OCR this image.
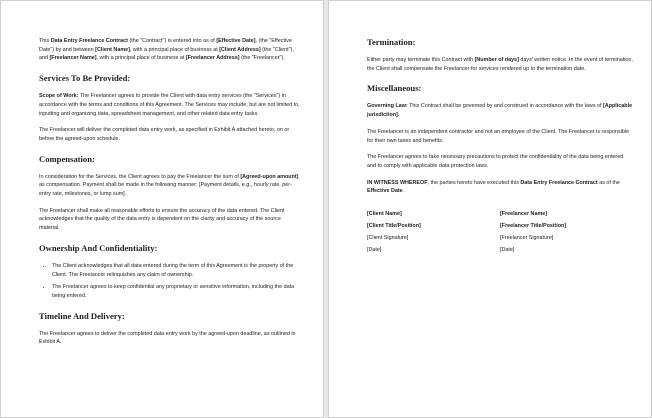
This Data Entry Freelance Contract (the "Contract") is entered into as of [Effective Date], (the "Effective Date") by and between [Client Name], with a principal place of business at [Client Address] (the "Client"), and [Freelancer Name], with a principal place of business at [Freelancer Address] (the "Freelancer").

Services To Be Provided:

Scope of Work: The Freelancer agrees to provide the Client with data entry services (the "Services") in accordance with the terms and conditions of this Agreement. The Services may include, but are not limited to, inputting and organizing data, spreadsheet management, and other related data entry tasks.

The Freelancer will deliver the completed data entry work, as specified in Exhibit A attached hereto, on or before the agreed-upon schedule.

Compensation:

In consideration for the Services, the Client agrees to pay the Freelancer the sum of [Agreed-upon amount] as compensation. Payment shall be made in the following manner: [Payment details, e.g., hourly rate, per-entry rate, milestones, or lump sum].

The Freelancer shall make all reasonable efforts to ensure the accuracy of the data entered. The Client acknowledges that the quality of the data entry is dependent on the clarity and accuracy of the source material.

Ownership And Confidentiality:
• The Client acknowledges that all data entered during the term of this Agreement is the property of the Client. The Freelancer relinquishes any claim of ownership.
• The Freelancer agrees to keep confidential any proprietary or sensitive information, including the data being entered.
Timeline And Delivery:

The Freelancer agrees to deliver the completed data entry work by the agreed-upon deadline, as outlined in Exhibit A.

Termination:

Either party may terminate this Contract with [Number of days] days' written notice. In the event of termination, the Client shall compensate the Freelancer for services rendered up to the termination date.

Miscellaneous:

Governing Law: This Contract shall be governed by and construed in accordance with the laws of [Applicable jurisdiction].

The Freelancer is an independent contractor and not an employee of the Client. The Freelancer is responsible for their own taxes and benefits.

The Freelancer agrees to take necessary precautions to protect the confidentiality of the data being entered and to comply with applicable data protection laws.

IN WITNESS WHEREOF, the parties hereto have executed this Data Entry Freelance Contract as of the Effective Date.

[Client Name]
[Client Title/Position]
[Client Signature]
[Date]
[Freelancer Name]
[Freelancer Title/Position]
[Freelancer Signature]
[Date]
